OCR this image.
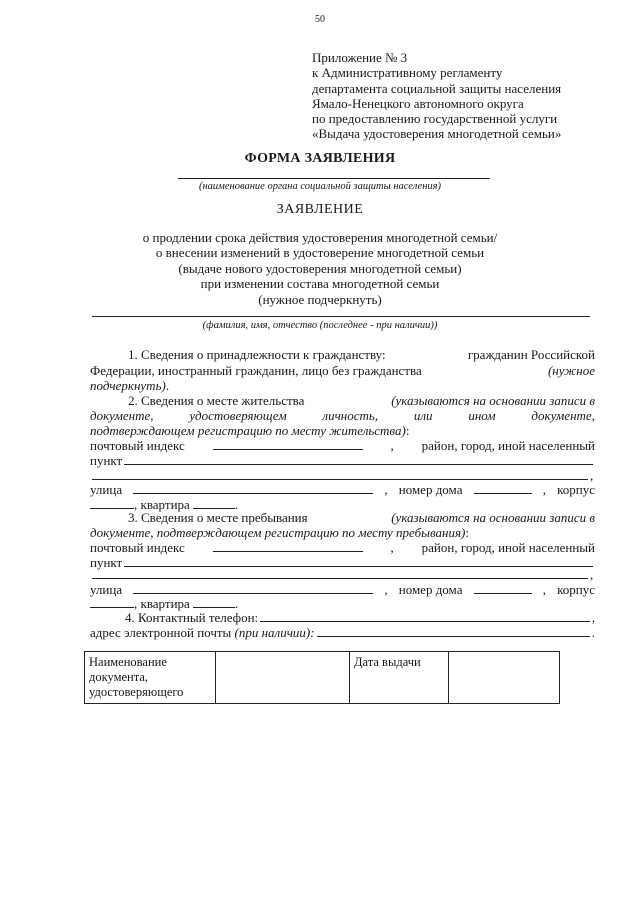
50
Приложение № 3
к Административному регламенту
департамента социальной защиты населения
Ямало-Ненецкого автономного округа
по предоставлению государственной услуги
«Выдача удостоверения многодетной семьи»
ФОРМА ЗАЯВЛЕНИЯ
(наименование органа социальной защиты населения)
ЗАЯВЛЕНИЕ
о продлении срока действия удостоверения многодетной семьи/
о внесении изменений в удостоверение многодетной семьи
(выдаче нового удостоверения многодетной семьи)
при изменении состава многодетной семьи
(нужное подчеркнуть)
(фамилия, имя, отчество (последнее - при наличии))
1. Сведения о принадлежности к гражданству:	гражданин Российской
Федерации, иностранный гражданин, лицо без гражданства	(нужное
подчеркнуть).
2. Сведения о месте жительства	(указываются на основании записи в
документе,	удостоверяющем	личность,	или	ином	документе,
подтверждающем регистрацию по месту жительства):
почтовый индекс	, район, город, иной населенный
пункт
,
улица	, номер дома	, корпус
, квартира	.
3. Сведения о месте пребывания	(указываются на основании записи в
документе, подтверждающем регистрацию по месту пребывания):
почтовый индекс	, район, город, иной населенный
пункт
,
улица	, номер дома	, корпус
, квартира	.
4. Контактный телефон:	,
адрес электронной почты (при наличии):	.
Наименование
документа,
удостоверяющего
		Дата выдачи	
